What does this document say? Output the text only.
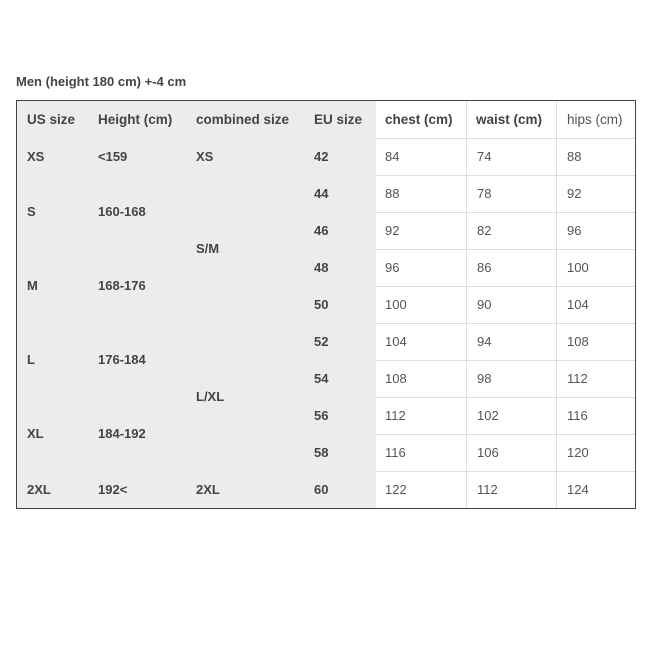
Men (height 180 cm) +-4 cm
US size Height (cm) combined size EU size chest (cm) waist (cm) hips (cm)
XS
S
M
L
XL
2XL
<159
160-168
168-176
176-184
184-192
192<
XS
S/M
L/XL
2XL
42
44
46
48
50
52
54
56
58
60
84
88
92
96
100
104
108
112
116
122
74
78
82
86
90
94
98
102
106
112
88
92
96
100
104
108
112
116
120
124
